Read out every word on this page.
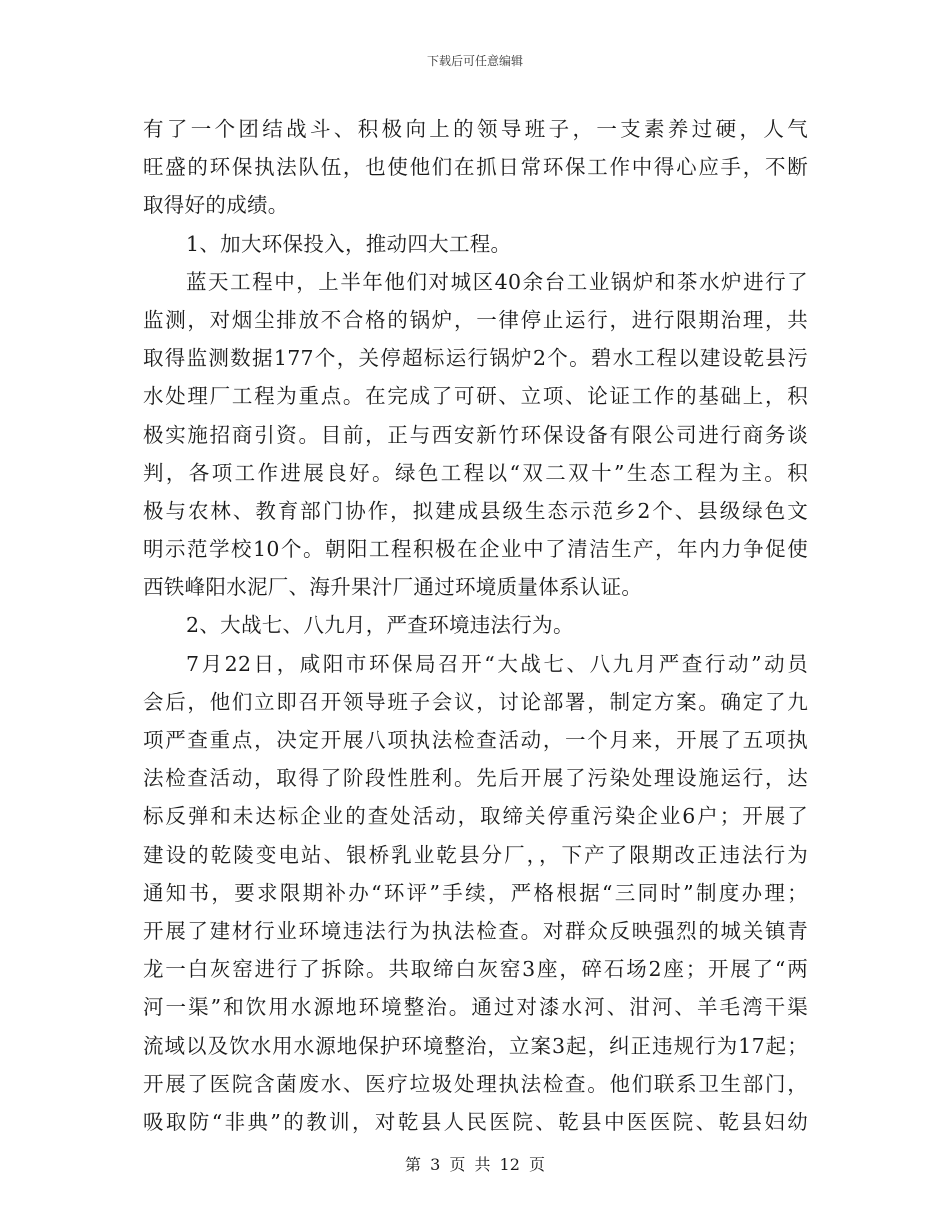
下载后可任意编辑
有了一个团结战斗、积极向上的领导班子，一支素养过硬，人气
旺盛的环保执法队伍，也使他们在抓日常环保工作中得心应手，不断
取得好的成绩。
1、加大环保投入，推动四大工程。
蓝天工程中，上半年他们对城区40余台工业锅炉和茶水炉进行了
监测，对烟尘排放不合格的锅炉，一律停止运行，进行限期治理，共
取得监测数据177个，关停超标运行锅炉2个。碧水工程以建设乾县污
水处理厂工程为重点。在完成了可研、立项、论证工作的基础上，积
极实施招商引资。目前，正与西安新竹环保设备有限公司进行商务谈
判，各项工作进展良好。绿色工程以“双二双十”生态工程为主。积
极与农林、教育部门协作，拟建成县级生态示范乡2个、县级绿色文
明示范学校10个。朝阳工程积极在企业中了清洁生产，年内力争促使
西铁峰阳水泥厂、海升果汁厂通过环境质量体系认证。
2、大战七、八九月，严查环境违法行为。
7月22日，咸阳市环保局召开“大战七、八九月严查行动”动员
会后，他们立即召开领导班子会议，讨论部署，制定方案。确定了九
项严查重点，决定开展八项执法检查活动，一个月来，开展了五项执
法检查活动，取得了阶段性胜利。先后开展了污染处理设施运行，达
标反弹和未达标企业的查处活动，取缔关停重污染企业6户；开展了
建设的乾陵变电站、银桥乳业乾县分厂，，下产了限期改正违法行为
通知书，要求限期补办“环评”手续，严格根据“三同时”制度办理；
开展了建材行业环境违法行为执法检查。对群众反映强烈的城关镇青
龙一白灰窑进行了拆除。共取缔白灰窑3座，碎石场2座；开展了“两
河一渠”和饮用水源地环境整治。通过对漆水河、泔河、羊毛湾干渠
流域以及饮水用水源地保护环境整治，立案3起，纠正违规行为17起；
开展了医院含菌废水、医疗垃圾处理执法检查。他们联系卫生部门，
吸取防“非典”的教训，对乾县人民医院、乾县中医医院、乾县妇幼
第 3 页 共 12 页
